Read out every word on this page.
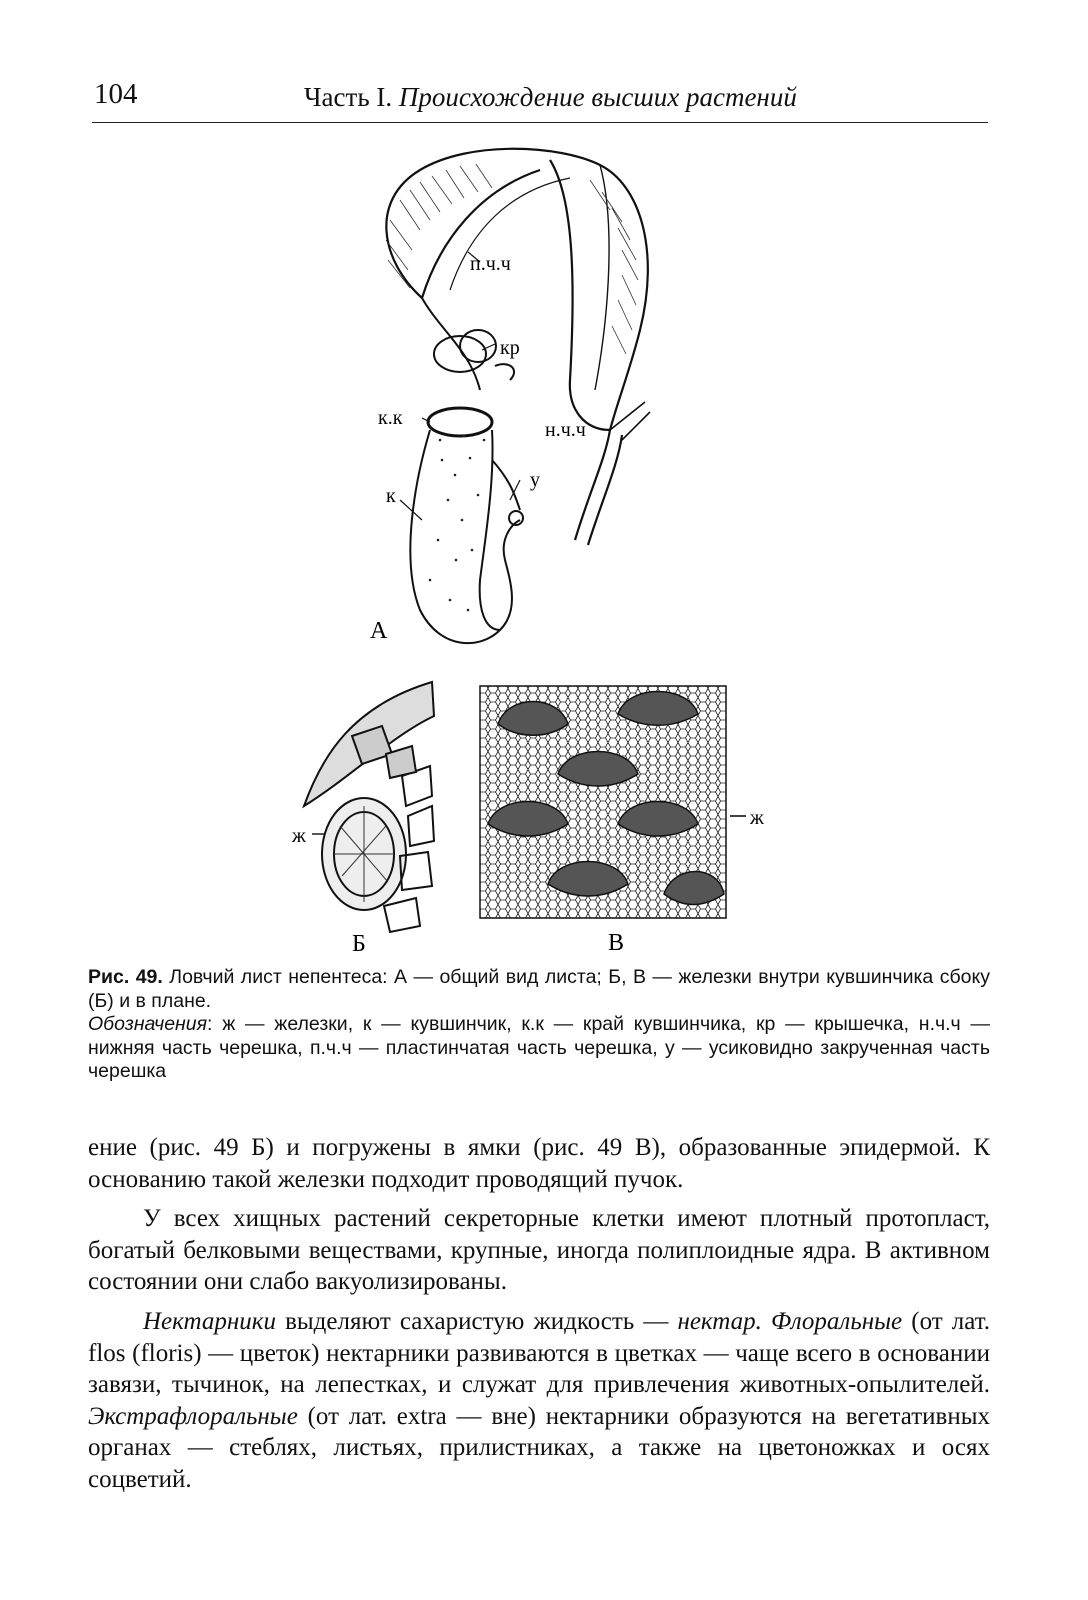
104	Часть I. Происхождение высших растений
п.ч.ч
кр
к.к
н.ч.ч
у
к
А
ж
Б
ж
В

Рис. 49. Ловчий лист непентеса: А — общий вид листа; Б, В — железки внутри кувшинчика сбоку (Б) и в плане.

Обозначения: ж — железки, к — кувшинчик, к.к — край кувшинчика, кр — крышечка, н.ч.ч — нижняя часть черешка, п.ч.ч — пластинчатая часть черешка, у — усиковидно закрученная часть черешка

ение (рис. 49 Б) и погружены в ямки (рис. 49 В), образованные эпидермой. К основанию такой железки подходит проводящий пучок.

У всех хищных растений секреторные клетки имеют плотный протопласт, богатый белковыми веществами, крупные, иногда полиплоидные ядра. В активном состоянии они слабо вакуолизированы.

Нектарники выделяют сахаристую жидкость — нектар. Флоральные (от лат. flos (floris) — цветок) нектарники развиваются в цветках — чаще всего в основании завязи, тычинок, на лепестках, и служат для привлечения животных-опылителей. Экстрафлоральные (от лат. extra — вне) нектарники образуются на вегетативных органах — стеблях, листьях, прилистниках, а также на цветоножках и осях соцветий.
